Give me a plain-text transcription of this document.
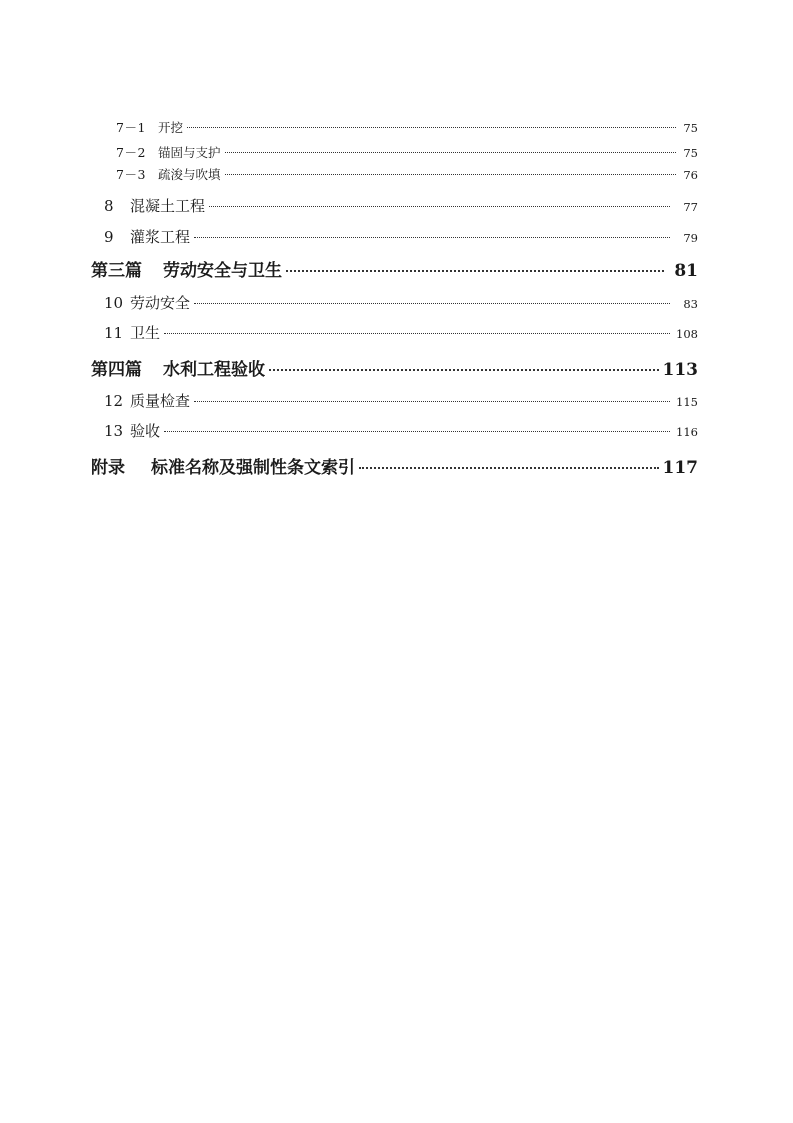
7－1 开挖	75
7－2 锚固与支护	75
7－3 疏浚与吹填	76
8	混凝土工程	77
9	灌浆工程	79
第三篇	劳动安全与卫生	81
10 劳动安全	83
11 卫生	108
第四篇	水利工程验收	113
12 质量检查	115
13 验收	116
附录	标准名称及强制性条文索引	117
